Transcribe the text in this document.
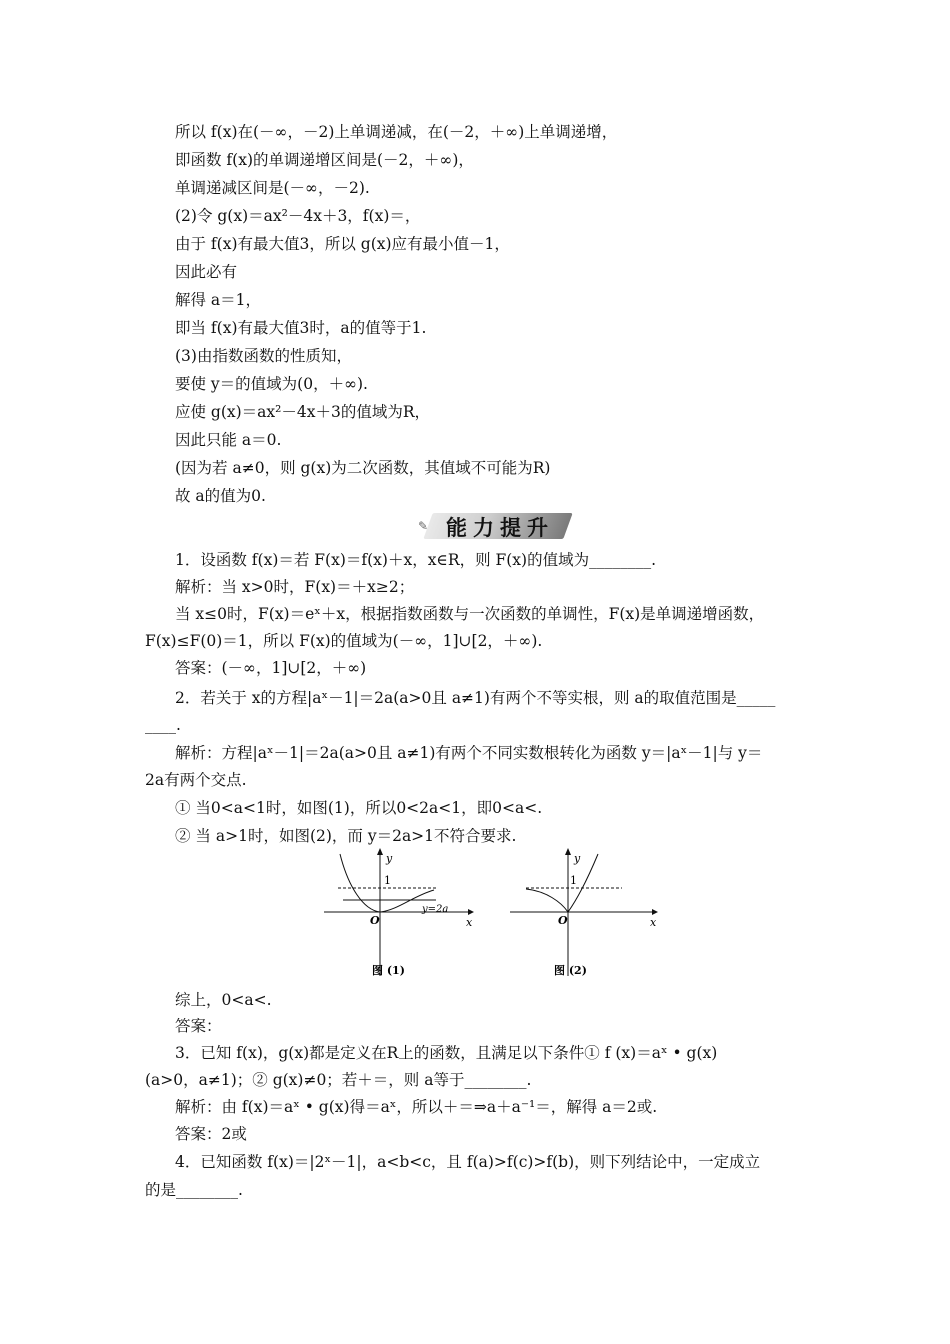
所以 f(x)在(－∞，－2)上单调递减，在(－2，＋∞)上单调递增，
即函数 f(x)的单调递增区间是(－2，＋∞)，
单调递减区间是(－∞，－2).
(2)令 g(x)＝ax²－4x＋3，f(x)＝，
由于 f(x)有最大值3，所以 g(x)应有最小值－1，
因此必有
解得 a＝1，
即当 f(x)有最大值3时，a的值等于1.
(3)由指数函数的性质知，
要使 y＝的值域为(0，＋∞).
应使 g(x)＝ax²－4x＋3的值域为R，
因此只能 a＝0.
(因为若 a≠0，则 g(x)为二次函数，其值域不可能为R)
故 a的值为0.
✎ 能力提升
1．设函数 f(x)＝若 F(x)＝f(x)＋x，x∈R，则 F(x)的值域为________.
解析：当 x>0时，F(x)＝＋x≥2；
当 x≤0时，F(x)＝eˣ＋x，根据指数函数与一次函数的单调性，F(x)是单调递增函数，
F(x)≤F(0)＝1，所以 F(x)的值域为(－∞，1]∪[2，＋∞).
答案：(－∞，1]∪[2，＋∞)
2．若关于 x的方程|aˣ－1|＝2a(a>0且 a≠1)有两个不等实根，则 a的取值范围是_____
____.
解析：方程|aˣ－1|＝2a(a>0且 a≠1)有两个不同实数根转化为函数 y＝|aˣ－1|与 y＝
2a有两个交点.
① 当0<a<1时，如图(1)，所以0<2a<1，即0<a<.
② 当 a>1时，如图(2)，而 y＝2a>1不符合要求.
1
y
x
O
y=2a
图 (1)
1
y
x
O
图 (2)
综上，0<a<.
答案：
3．已知 f(x)，g(x)都是定义在R上的函数，且满足以下条件① f (x)＝aˣ • g(x)
(a>0，a≠1)；② g(x)≠0；若＋＝，则 a等于________.
解析：由 f(x)＝aˣ • g(x)得＝aˣ，所以＋＝⇒a＋a⁻¹＝，解得 a＝2或.
答案：2或
4．已知函数 f(x)＝|2ˣ－1|，a<b<c，且 f(a)>f(c)>f(b)，则下列结论中，一定成立
的是________.
